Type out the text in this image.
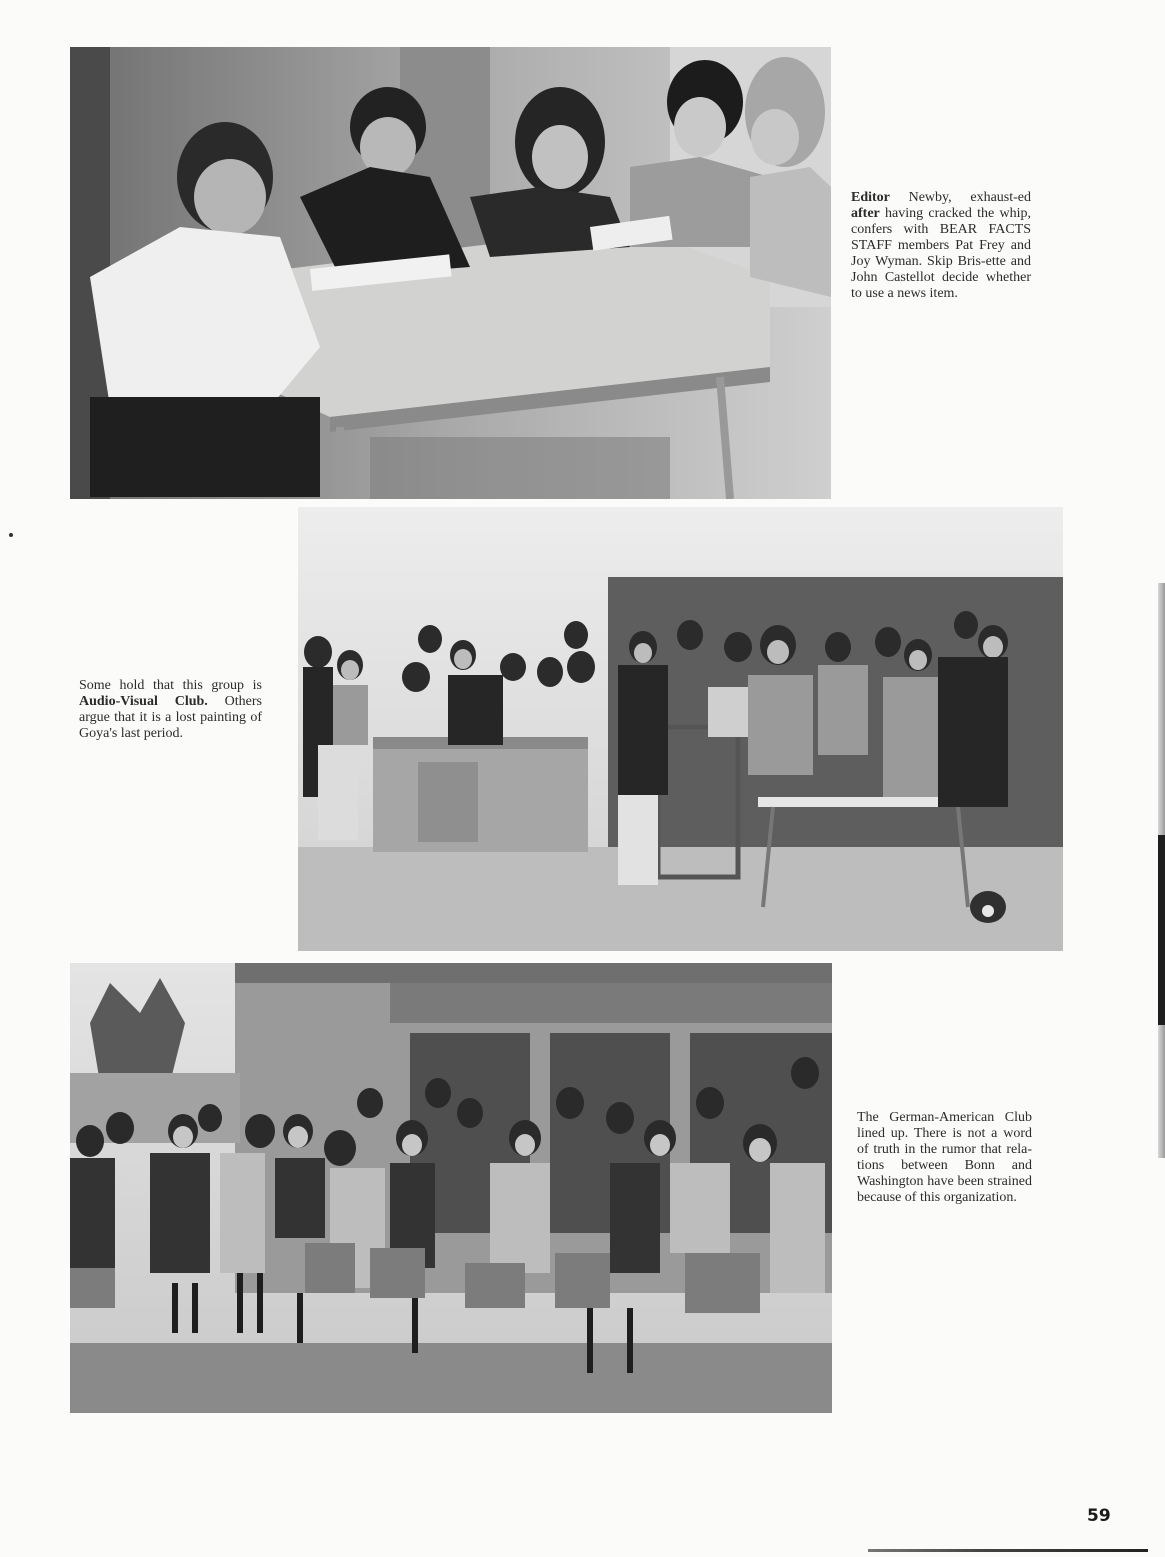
Editor Newby, exhaust-ed after having cracked the whip, confers with BEAR FACTS STAFF members Pat Frey and Joy Wyman. Skip Bris-ette and John Castellot decide whether to use a news item.

Some hold that this group is Audio-Visual Club. Others argue that it is a lost painting of Goya's last period.

The German-American Club lined up. There is not a word of truth in the rumor that rela-tions between Bonn and Washington have been strained because of this organization.

59
